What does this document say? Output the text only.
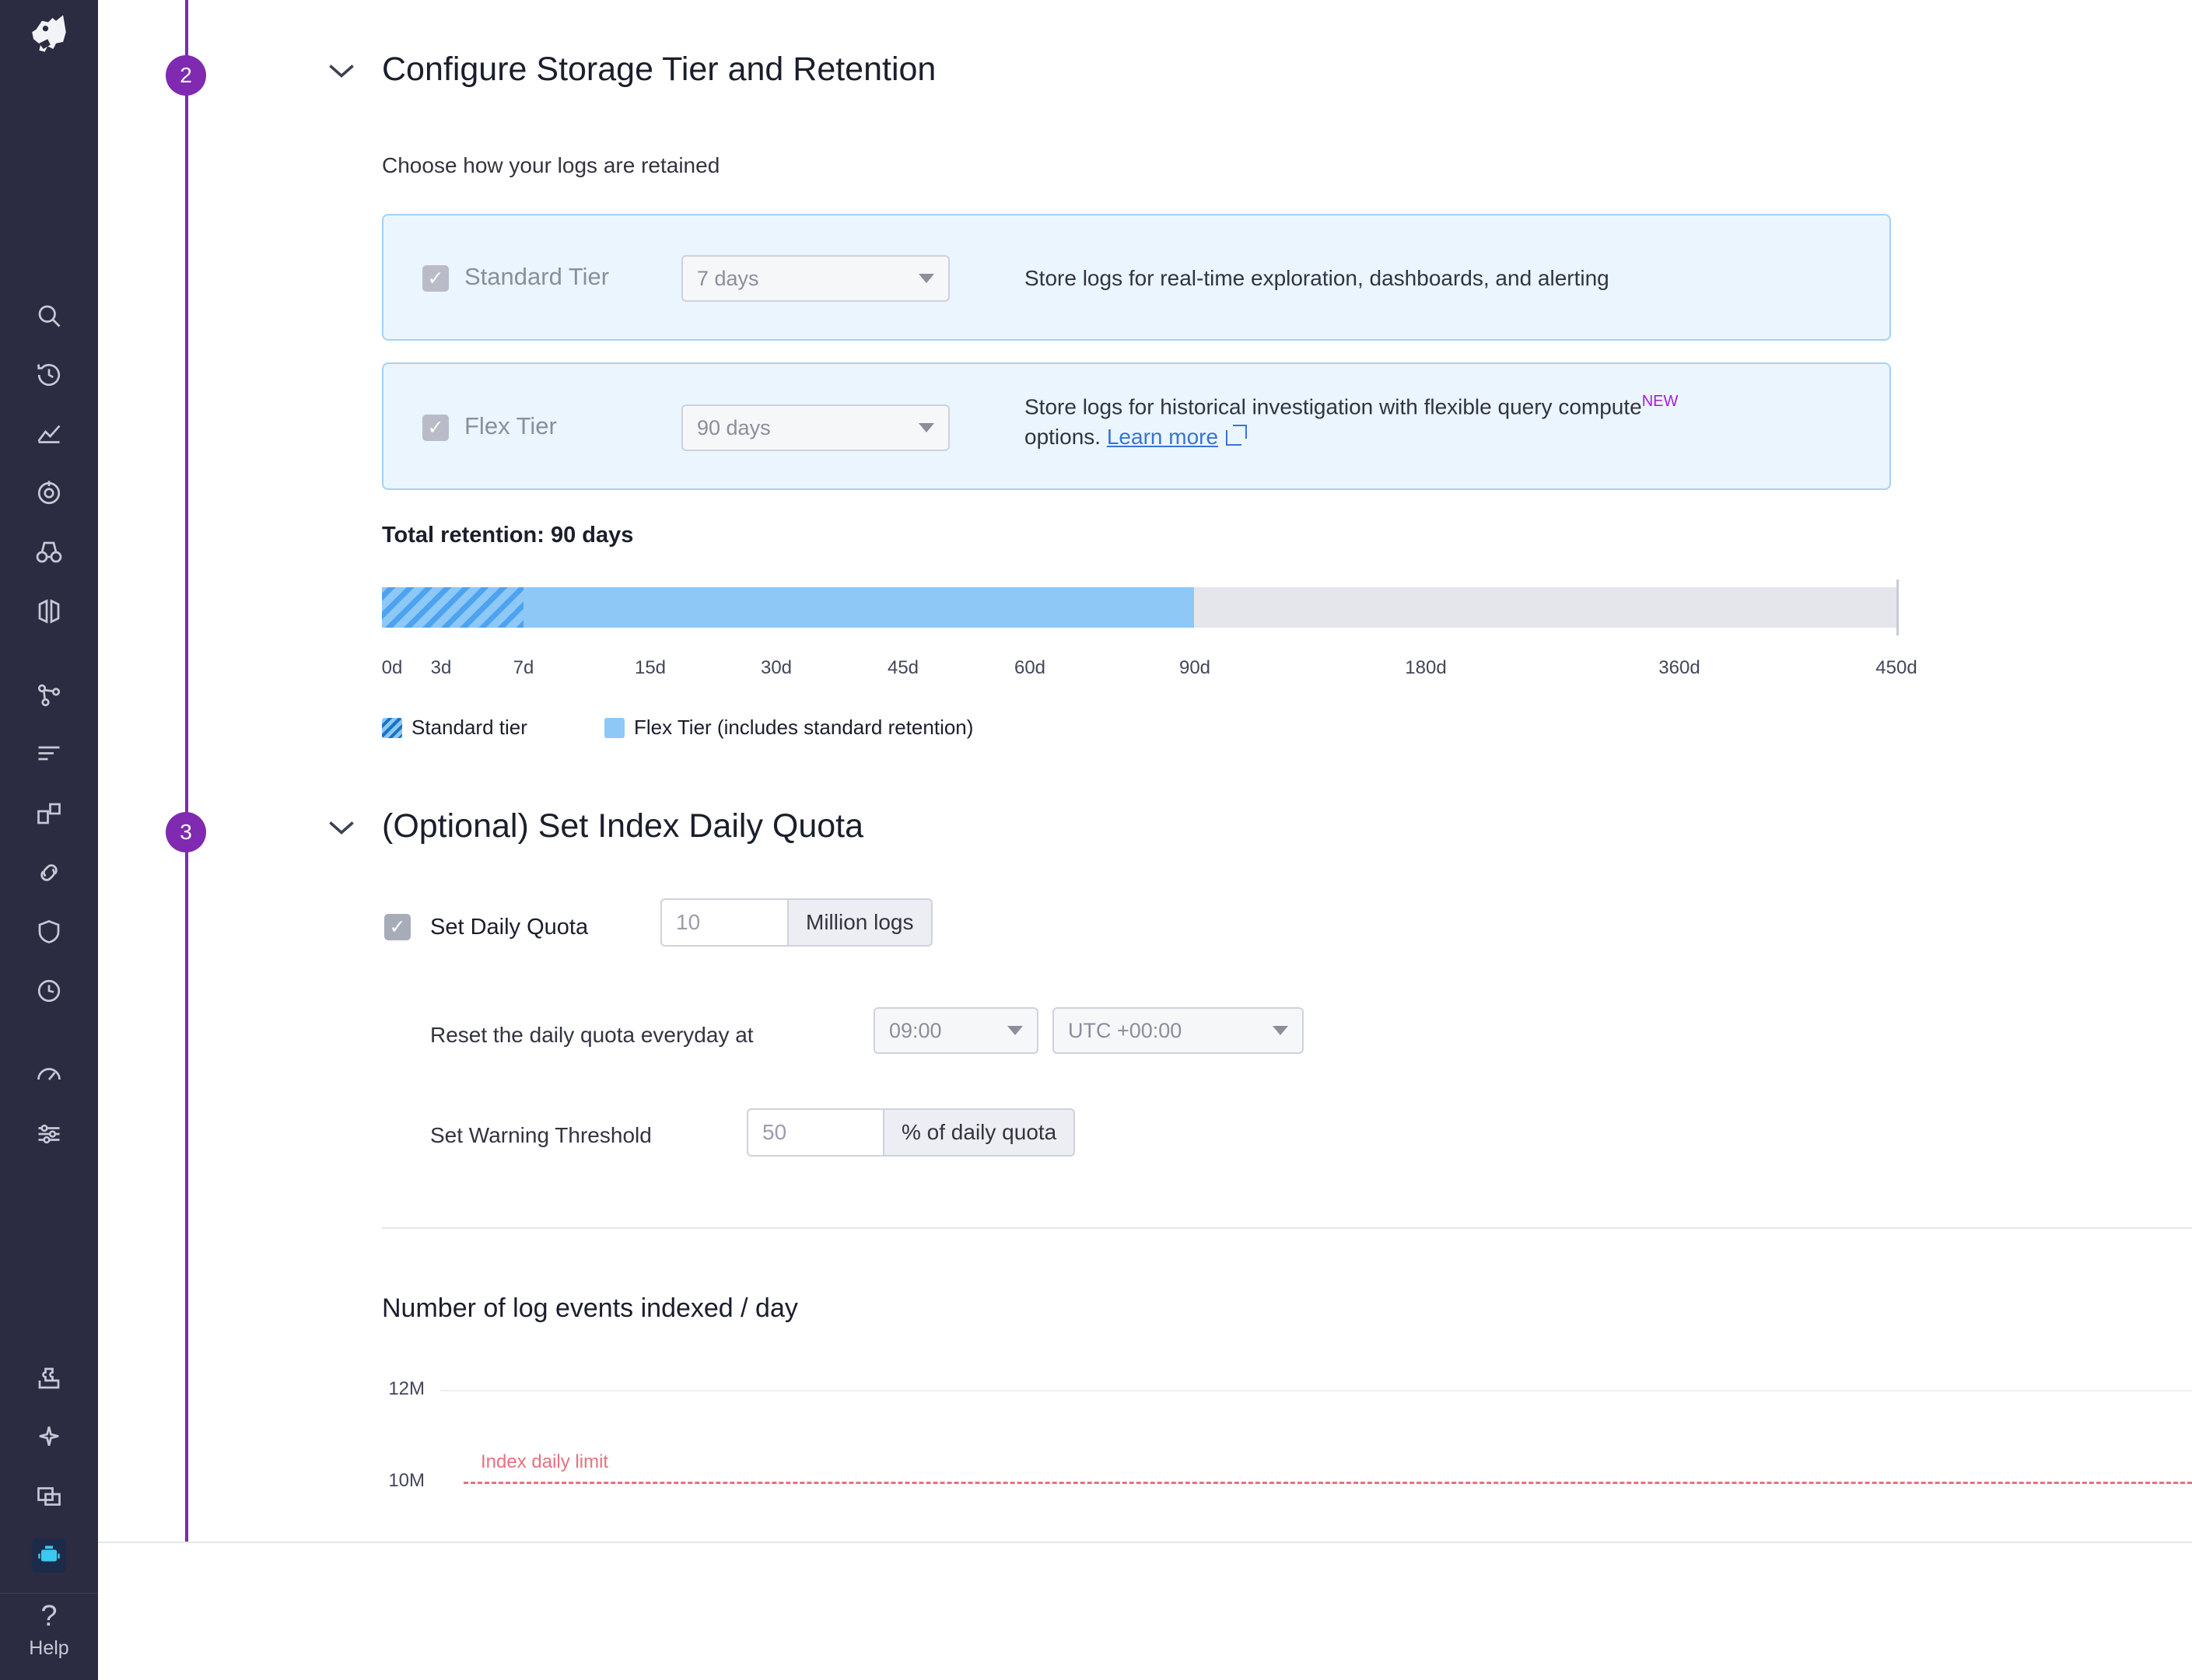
?
Help
2	Configure Storage Tier and Retention
Choose how your logs are retained
✓ Standard Tier	7 days	Store logs for real-time exploration, dashboards, and alerting
✓ Flex Tier	90 days
Store logs for historical investigation with flexible query compute$^{NEW}$
options. Learn more
Total retention: 90 days
0d 3d	7d	15d	30d	45d	60d	90d	180d	360d	450d
Standard tier	Flex Tier (includes standard retention)
3	(Optional) Set Index Daily Quota
✓ Set Daily Quota	10	Million logs
Reset the daily quota everyday at	09:00	UTC +00:00
Set Warning Threshold	50	% of daily quota
Number of log events indexed / day
12M
10M
Index daily limit
